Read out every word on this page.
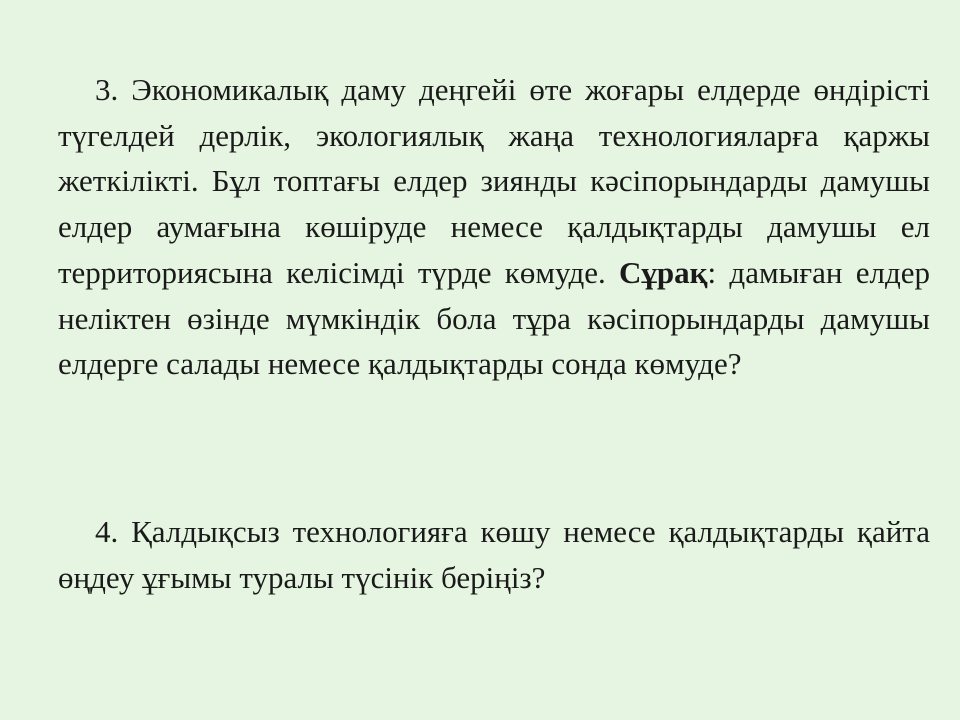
3. Экономикалық даму деңгейі өте жоғары елдерде өндірісті түгелдей дерлік, экологиялық жаңа технологияларға қаржы жеткілікті. Бұл топтағы елдер зиянды кәсіпорындарды дамушы елдер аумағына көшіруде немесе қалдықтарды дамушы ел территориясына келісімді түрде көмуде. Сұрақ: дамыған елдер неліктен өзінде мүмкіндік бола тұра кәсіпорындарды дамушы елдерге салады немесе қалдықтарды сонда көмуде?

4. Қалдықсыз технологияға көшу немесе қалдықтарды қайта өңдеу ұғымы туралы түсінік беріңіз?
